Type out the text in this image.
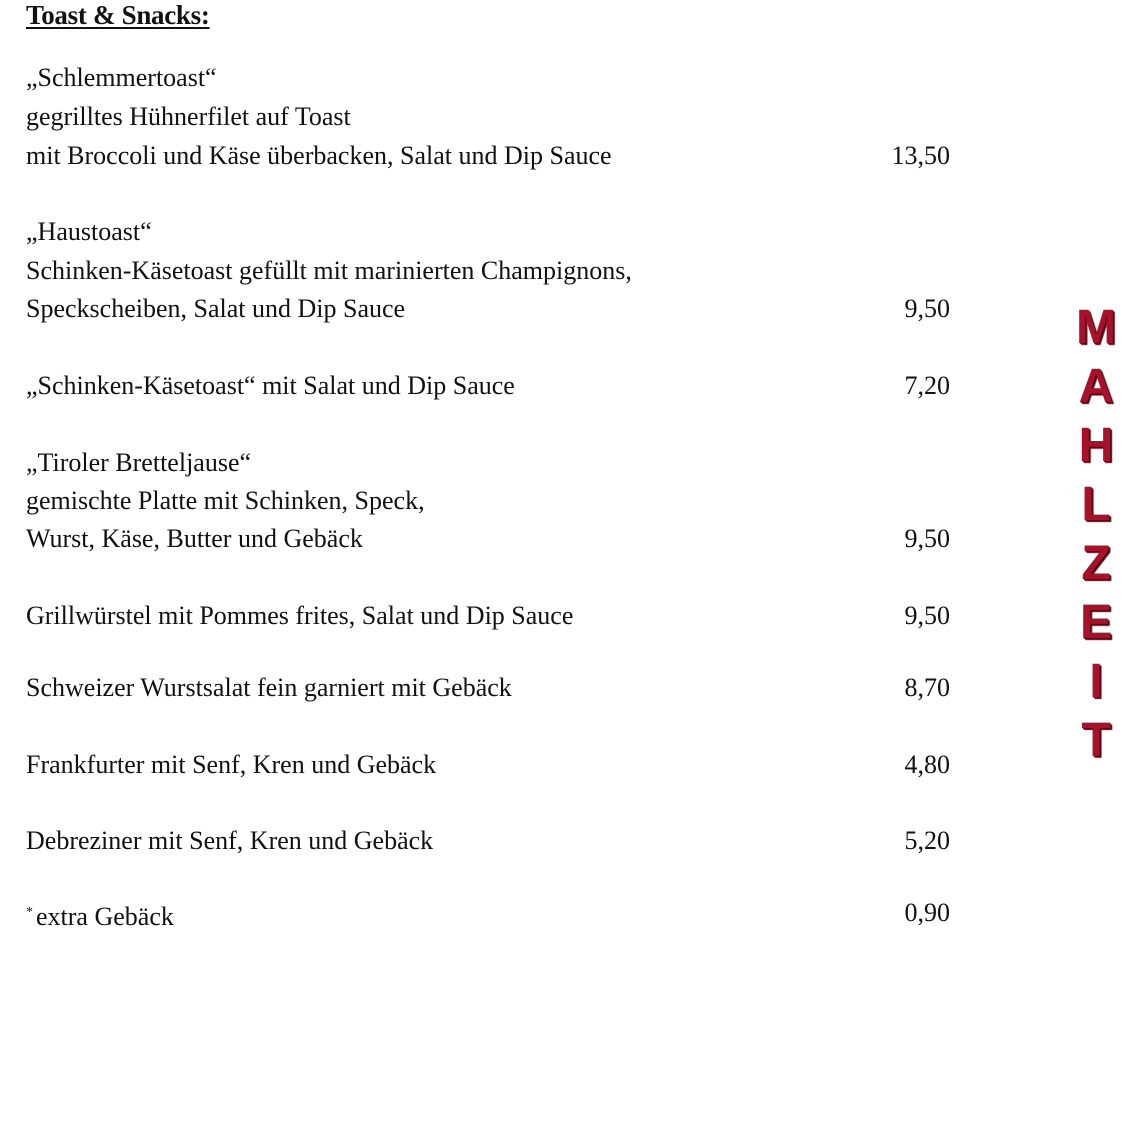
Toast & Snacks:
„Schlemmertoast“
gegrilltes Hühnerfilet auf Toast
mit Broccoli und Käse überbacken, Salat und Dip Sauce	13,50
„Haustoast“
Schinken-Käsetoast gefüllt mit marinierten Champignons,
Speckscheiben, Salat und Dip Sauce	9,50
„Schinken-Käsetoast“ mit Salat und Dip Sauce	7,20
„Tiroler Bretteljause“
gemischte Platte mit Schinken, Speck,
Wurst, Käse, Butter und Gebäck	9,50
Grillwürstel mit Pommes frites, Salat und Dip Sauce	9,50
Schweizer Wurstsalat fein garniert mit Gebäck	8,70
Frankfurter mit Senf, Kren und Gebäck	4,80
Debreziner mit Senf, Kren und Gebäck	5,20
* extra Gebäck	0,90
M
A
H
L
Z
E
I
T
